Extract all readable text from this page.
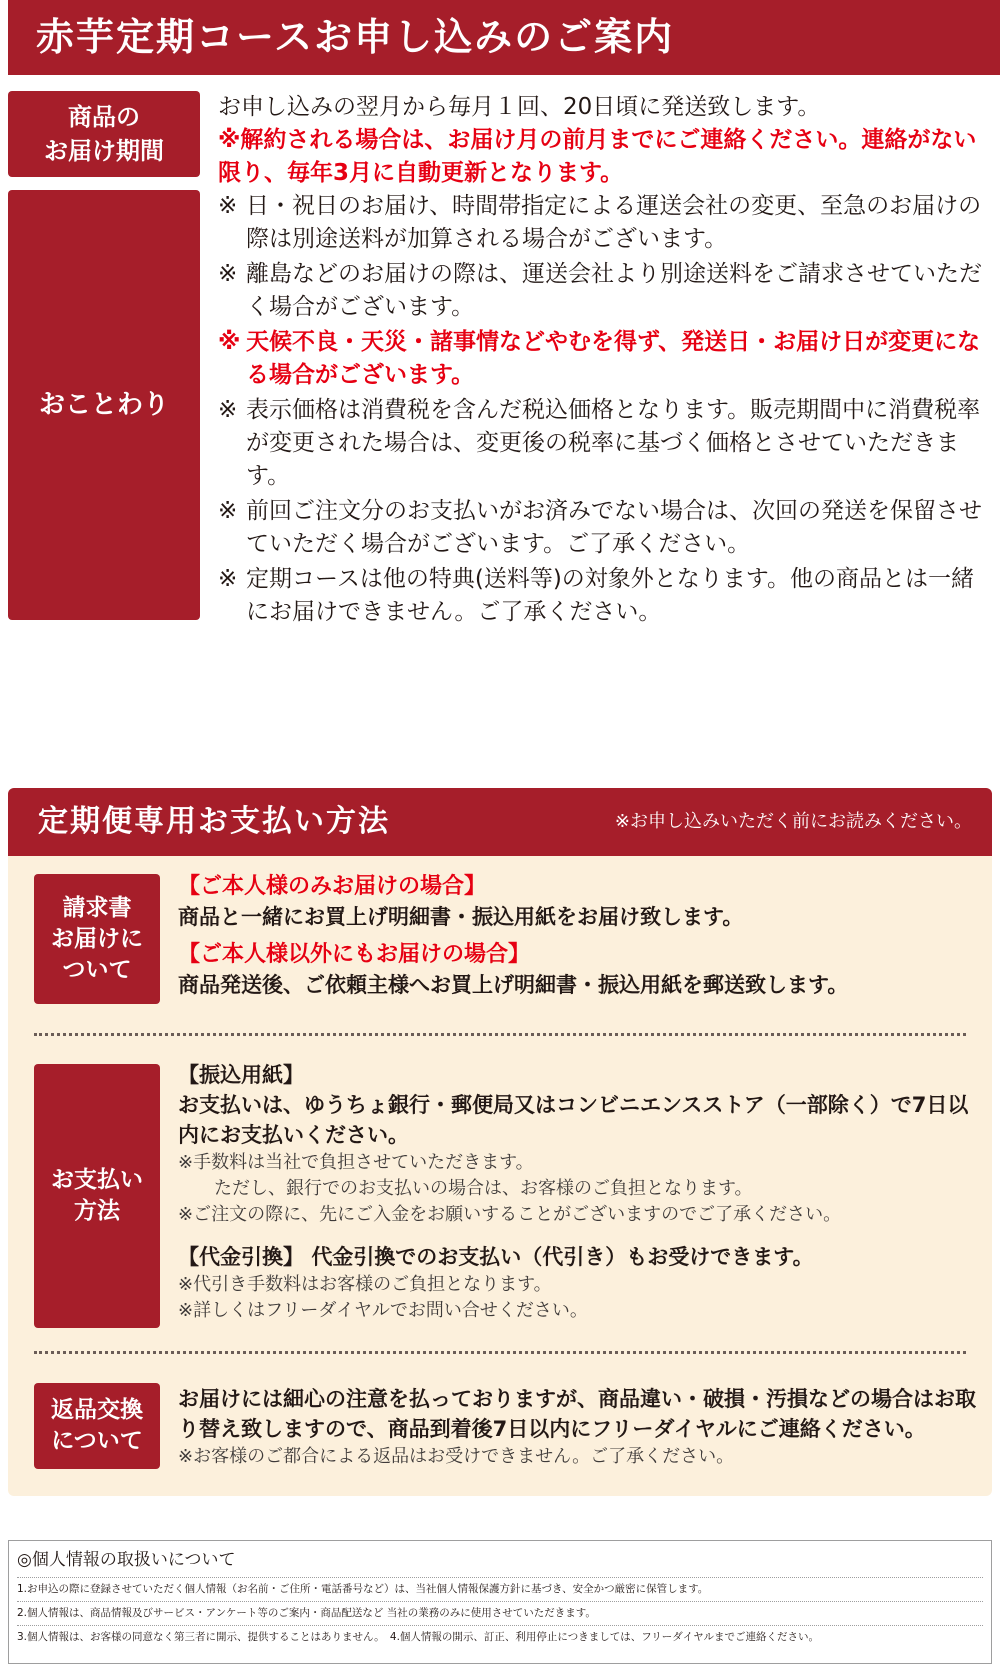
赤芋定期コースお申し込みのご案内
商品の
お届け期間
お申し込みの翌月から毎月１回、20日頃に発送致します。
※解約される場合は、お届け月の前月までにご連絡ください。連絡がない限り、毎年3月に自動更新となります。
おことわり
※ 日・祝日のお届け、時間帯指定による運送会社の変更、至急のお届けの際は別途送料が加算される場合がございます。
※ 離島などのお届けの際は、運送会社より別途送料をご請求させていただく場合がございます。
※ 天候不良・天災・諸事情などやむを得ず、発送日・お届け日が変更になる場合がございます。
※ 表示価格は消費税を含んだ税込価格となります。販売期間中に消費税率が変更された場合は、変更後の税率に基づく価格とさせていただきます。
※ 前回ご注文分のお支払いがお済みでない場合は、次回の発送を保留させていただく場合がございます。ご了承ください。
※ 定期コースは他の特典(送料等)の対象外となります。他の商品とは一緒にお届けできません。ご了承ください。
定期便専用お支払い方法	※お申し込みいただく前にお読みください。
請求書
お届けに
ついて
【ご本人様のみお届けの場合】
商品と一緒にお買上げ明細書・振込用紙をお届け致します。
【ご本人様以外にもお届けの場合】
商品発送後、ご依頼主様へお買上げ明細書・振込用紙を郵送致します。
お支払い
方法
【振込用紙】
お支払いは、ゆうちょ銀行・郵便局又はコンビニエンスストア（一部除く）で7日以内にお支払いください。
※手数料は当社で負担させていただきます。
ただし、銀行でのお支払いの場合は、お客様のご負担となります。
※ご注文の際に、先にご入金をお願いすることがございますのでご了承ください。
【代金引換】 代金引換でのお支払い（代引き）もお受けできます。
※代引き手数料はお客様のご負担となります。
※詳しくはフリーダイヤルでお問い合せください。
返品交換
について
お届けには細心の注意を払っておりますが、商品違い・破損・汚損などの場合はお取り替え致しますので、商品到着後7日以内にフリーダイヤルにご連絡ください。
※お客様のご都合による返品はお受けできません。ご了承ください。
◎個人情報の取扱いについて
1.お申込の際に登録させていただく個人情報（お名前・ご住所・電話番号など）は、当社個人情報保護方針に基づき、安全かつ厳密に保管します。
2.個人情報は、商品情報及びサービス・アンケート等のご案内・商品配送など 当社の業務のみに使用させていただきます。
3.個人情報は、お客様の同意なく第三者に開示、提供することはありません。　4.個人情報の開示、訂正、利用停止につきましては、フリーダイヤルまでご連絡ください。
